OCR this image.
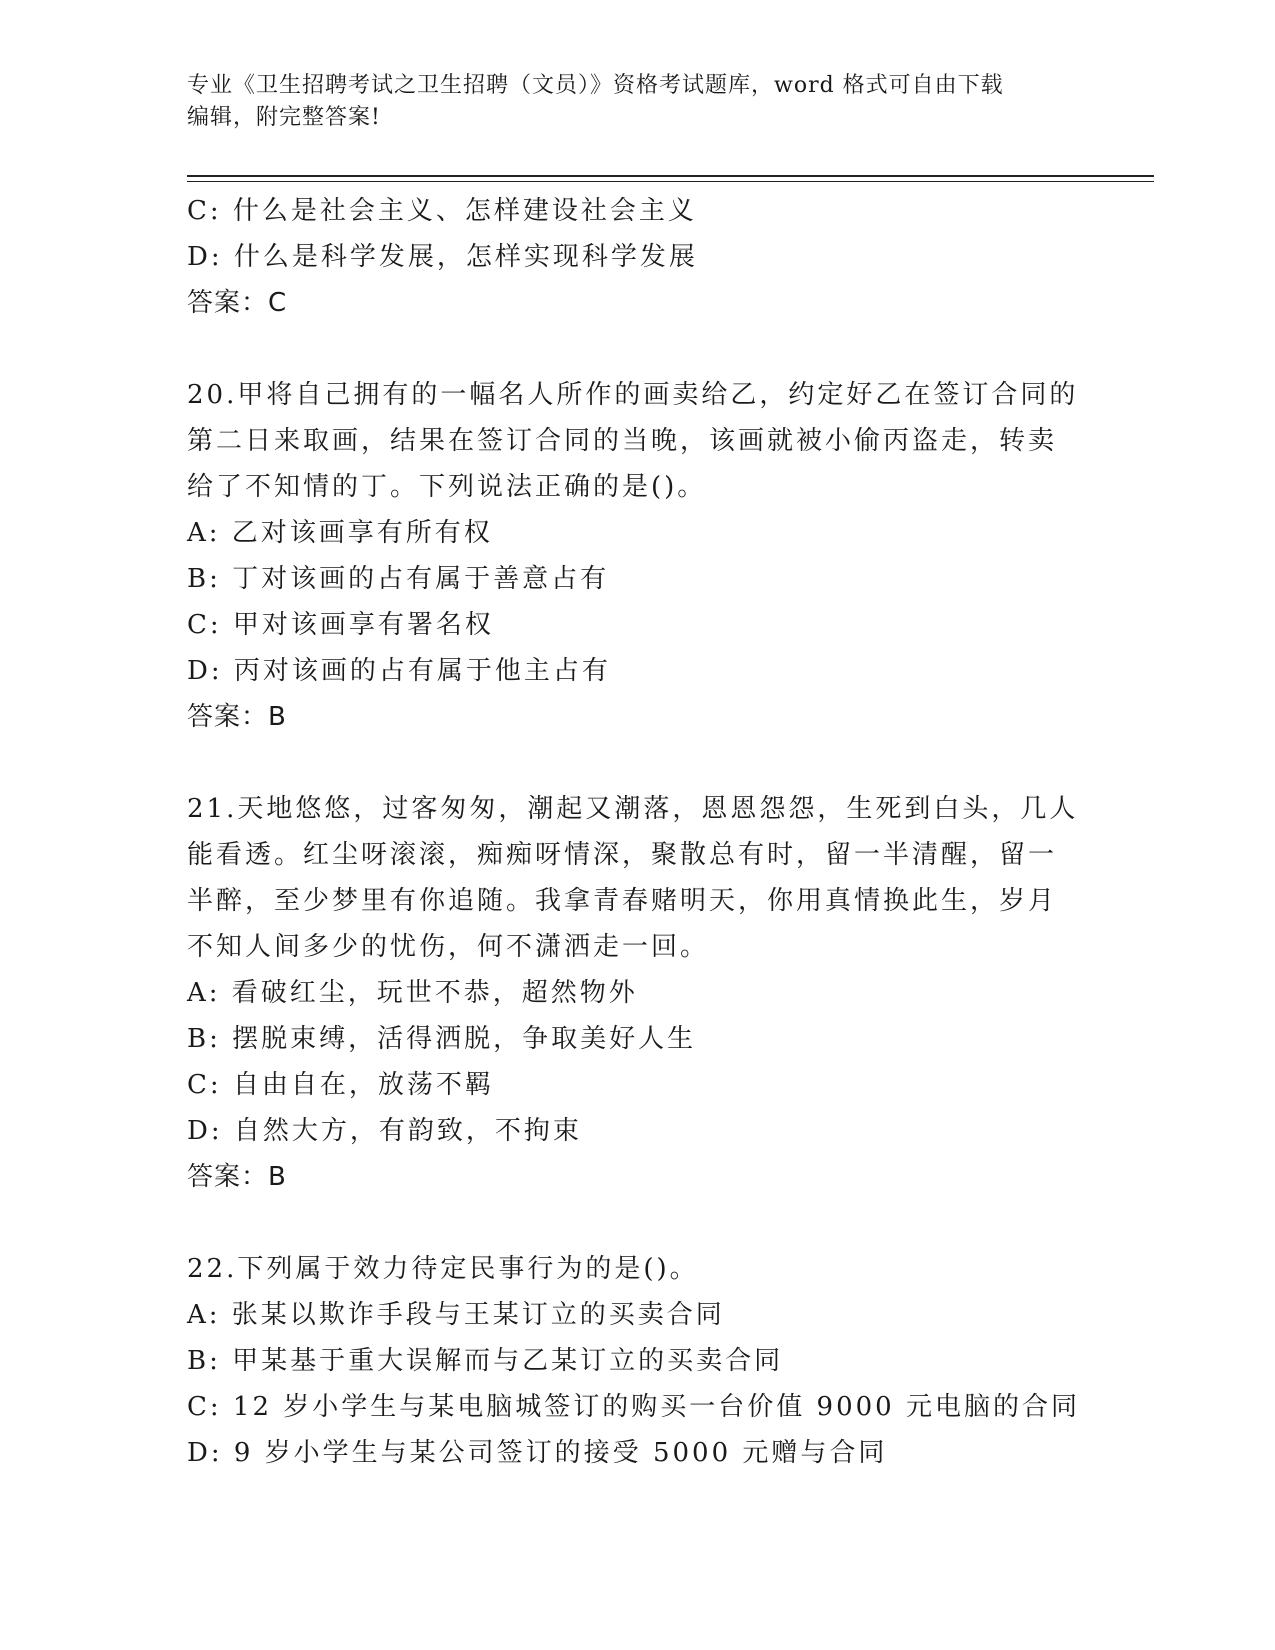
专业《卫生招聘考试之卫生招聘（文员）》资格考试题库，word 格式可自由下载
编辑，附完整答案!
C: 什么是社会主义、怎样建设社会主义
D: 什么是科学发展，怎样实现科学发展
答案：C
20.甲将自己拥有的一幅名人所作的画卖给乙，约定好乙在签订合同的
第二日来取画，结果在签订合同的当晚，该画就被小偷丙盗走，转卖
给了不知情的丁。下列说法正确的是()。
A: 乙对该画享有所有权
B: 丁对该画的占有属于善意占有
C: 甲对该画享有署名权
D: 丙对该画的占有属于他主占有
答案：B
21.天地悠悠，过客匆匆，潮起又潮落，恩恩怨怨，生死到白头，几人
能看透。红尘呀滚滚，痴痴呀情深，聚散总有时，留一半清醒，留一
半醉，至少梦里有你追随。我拿青春赌明天，你用真情换此生，岁月
不知人间多少的忧伤，何不潇洒走一回。
A: 看破红尘，玩世不恭，超然物外
B: 摆脱束缚，活得洒脱，争取美好人生
C: 自由自在，放荡不羁
D: 自然大方，有韵致，不拘束
答案：B
22.下列属于效力待定民事行为的是()。
A: 张某以欺诈手段与王某订立的买卖合同
B: 甲某基于重大误解而与乙某订立的买卖合同
C: 12 岁小学生与某电脑城签订的购买一台价值 9000 元电脑的合同
D: 9 岁小学生与某公司签订的接受 5000 元赠与合同
